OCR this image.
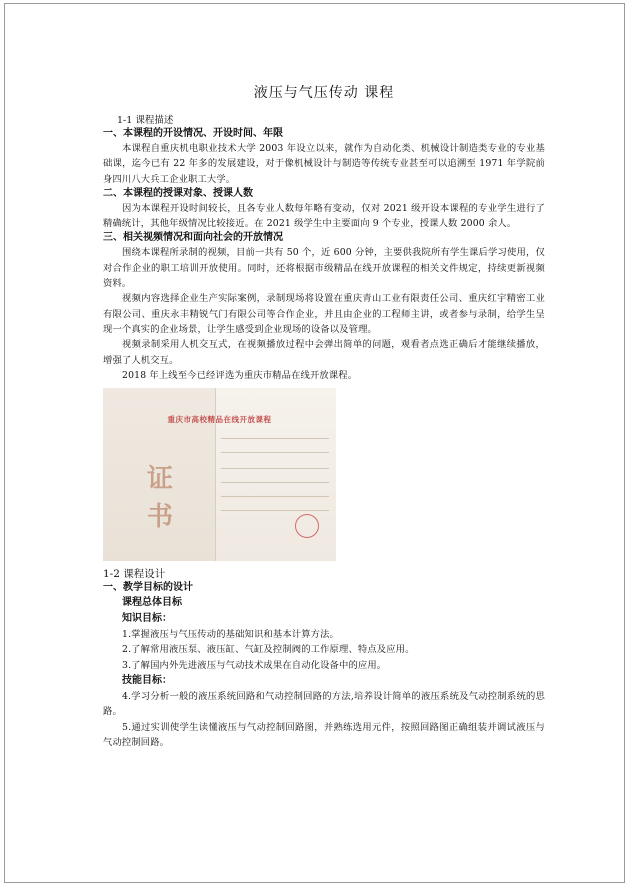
液压与气压传动 课程

1-1 课程描述

一、本课程的开设情况、开设时间、年限

本课程自重庆机电职业技术大学 2003 年设立以来，就作为自动化类、机械设计制造类专业的专业基础课，迄今已有 22 年多的发展建设，对于像机械设计与制造等传统专业甚至可以追溯至 1971 年学院前身四川八大兵工企业职工大学。

二、本课程的授课对象、授课人数

因为本课程开设时间较长，且各专业人数每年略有变动，仅对 2021 级开设本课程的专业学生进行了精确统计，其他年级情况比较接近。在 2021 级学生中主要面向 9 个专业，授课人数 2000 余人。

三、相关视频情况和面向社会的开放情况

围绕本课程所录制的视频，目前一共有 50 个，近 600 分钟，主要供我院所有学生课后学习使用，仅对合作企业的职工培训开放使用。同时，还将根据市级精品在线开放课程的相关文件规定，持续更新视频资料。

视频内容选择企业生产实际案例，录制现场将设置在重庆青山工业有限责任公司、重庆红宇精密工业有限公司、重庆永丰精锐气门有限公司等合作企业，并且由企业的工程师主讲，或者参与录制，给学生呈现一个真实的企业场景，让学生感受到企业现场的设备以及管理。

视频录制采用人机交互式，在视频播放过程中会弹出简单的问题，观看者点选正确后才能继续播放，增强了人机交互。

2018 年上线至今已经评选为重庆市精品在线开放课程。

重庆市高校精品在线开放课程
证
书

1-2 课程设计

一、教学目标的设计

课程总体目标

知识目标：

1.掌握液压与气压传动的基础知识和基本计算方法。

2.了解常用液压泵、液压缸、气缸及控制阀的工作原理、特点及应用。

3.了解国内外先进液压与气动技术成果在自动化设备中的应用。

技能目标：

4.学习分析一般的液压系统回路和气动控制回路的方法,培养设计简单的液压系统及气动控制系统的思路。

5.通过实训使学生读懂液压与气动控制回路图，并熟练选用元件，按照回路图正确组装并调试液压与气动控制回路。
